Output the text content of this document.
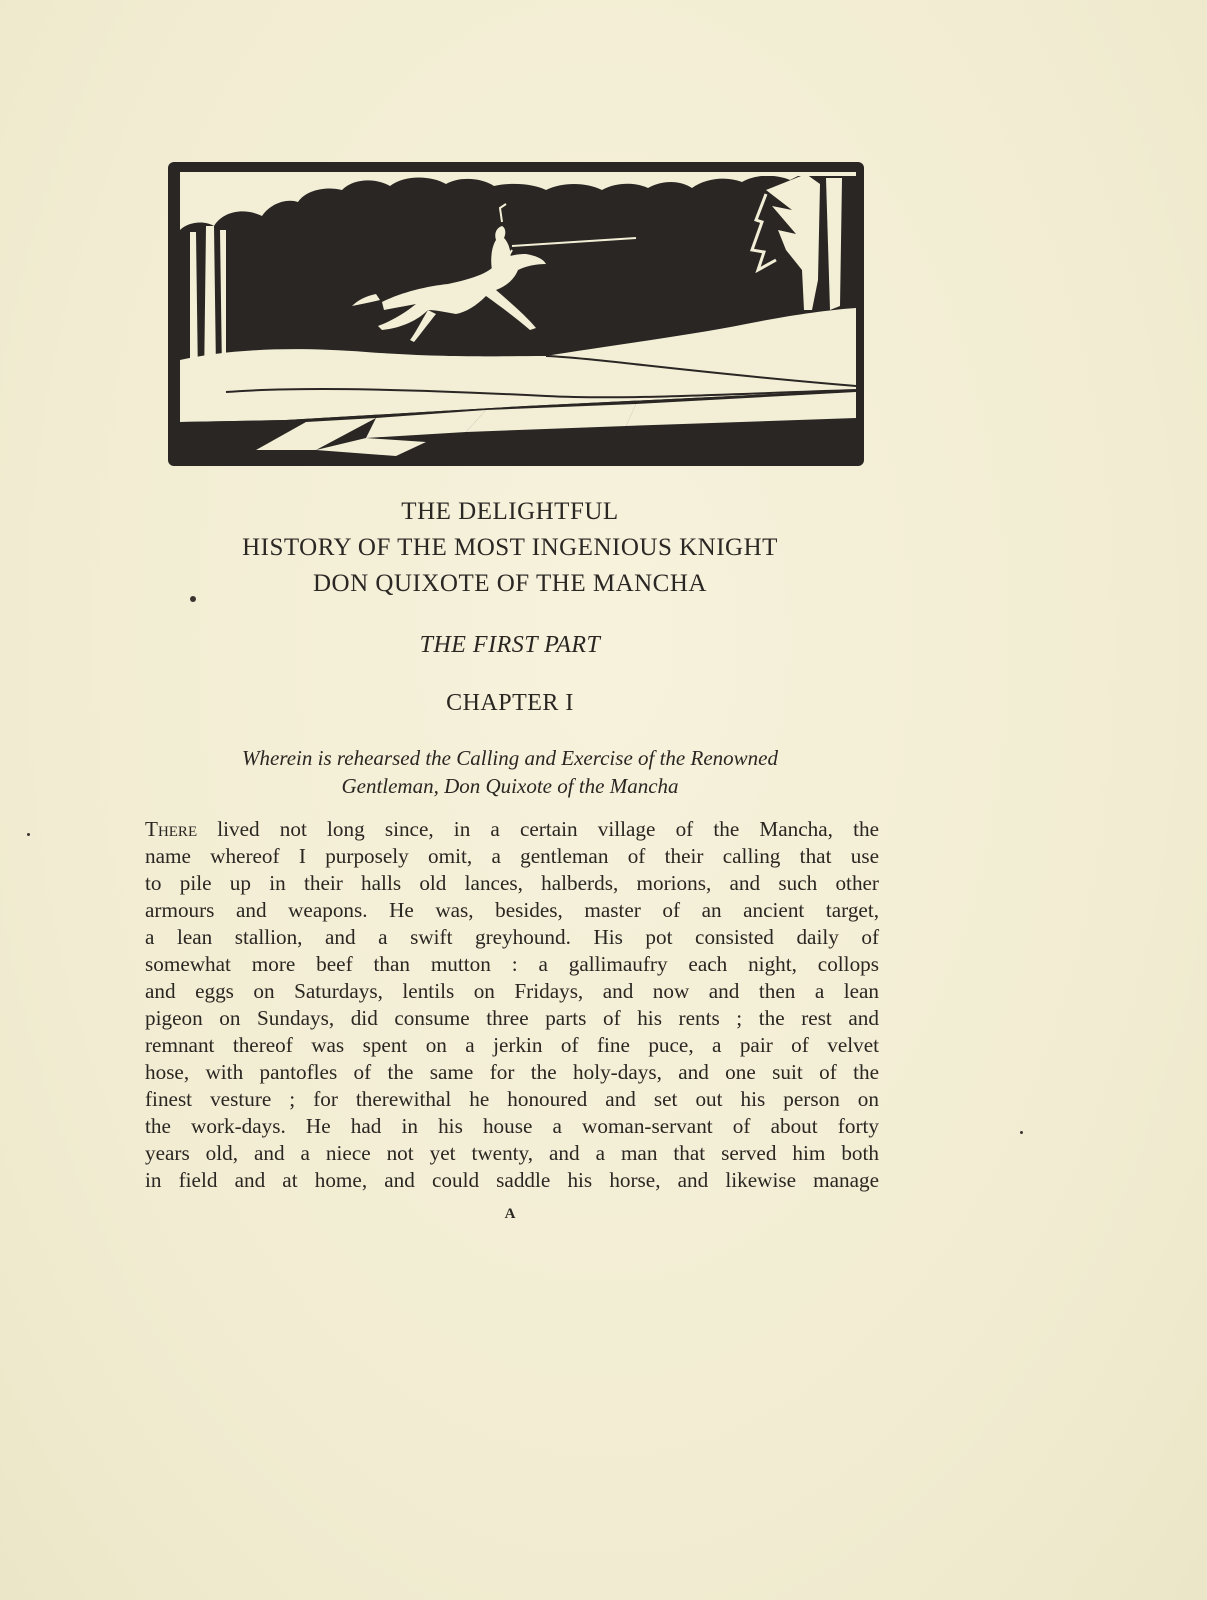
THE DELIGHTFUL
HISTORY OF THE MOST INGENIOUS KNIGHT
DON QUIXOTE OF THE MANCHA
THE FIRST PART
CHAPTER I
Wherein is rehearsed the Calling and Exercise of the Renowned
Gentleman, Don Quixote of the Mancha
There lived not long since, in a certain village of the Mancha, the
name whereof I purposely omit, a gentleman of their calling that use
to pile up in their halls old lances, halberds, morions, and such other
armours and weapons. He was, besides, master of an ancient target,
a lean stallion, and a swift greyhound. His pot consisted daily of
somewhat more beef than mutton : a gallimaufry each night, collops
and eggs on Saturdays, lentils on Fridays, and now and then a lean
pigeon on Sundays, did consume three parts of his rents ; the rest and
remnant thereof was spent on a jerkin of fine puce, a pair of velvet
hose, with pantofles of the same for the holy-days, and one suit of the
finest vesture ; for therewithal he honoured and set out his person on
the work-days. He had in his house a woman-servant of about forty
years old, and a niece not yet twenty, and a man that served him both
in field and at home, and could saddle his horse, and likewise manage
A
